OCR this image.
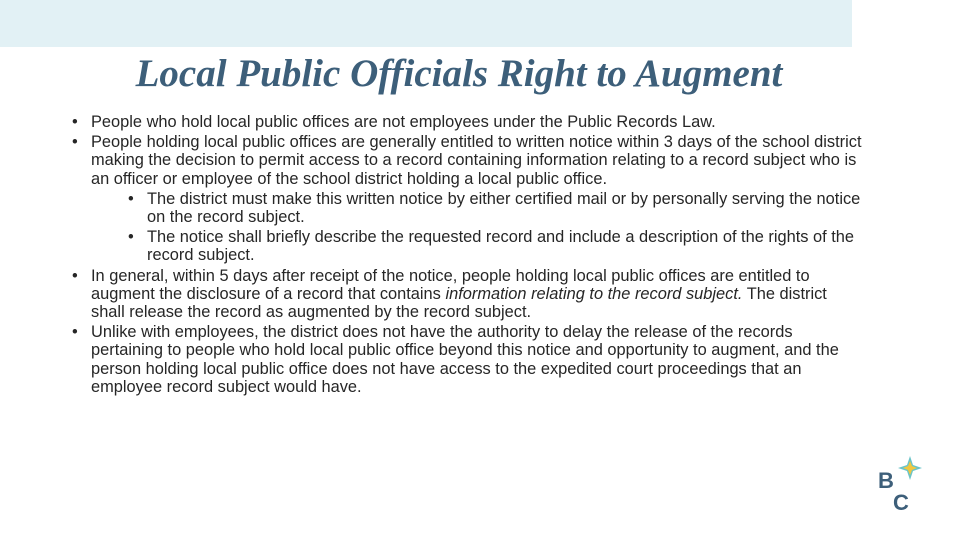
Local Public Officials Right to Augment
• People who hold local public offices are not employees under the Public Records Law.
• People holding local public offices are generally entitled to written notice within 3 days of the school district making the decision to permit access to a record containing information relating to a record subject who is an officer or employee of the school district holding a local public office.
• The district must make this written notice by either certified mail or by personally serving the notice on the record subject.
• The notice shall briefly describe the requested record and include a description of the rights of the record subject.
• In general, within 5 days after receipt of the notice, people holding local public offices are entitled to augment the disclosure of a record that contains information relating to the record subject. The district shall release the record as augmented by the record subject.
• Unlike with employees, the district does not have the authority to delay the release of the records pertaining to people who hold local public office beyond this notice and opportunity to augment, and the person holding local public office does not have access to the expedited court proceedings that an employee record subject would have.
B
C
